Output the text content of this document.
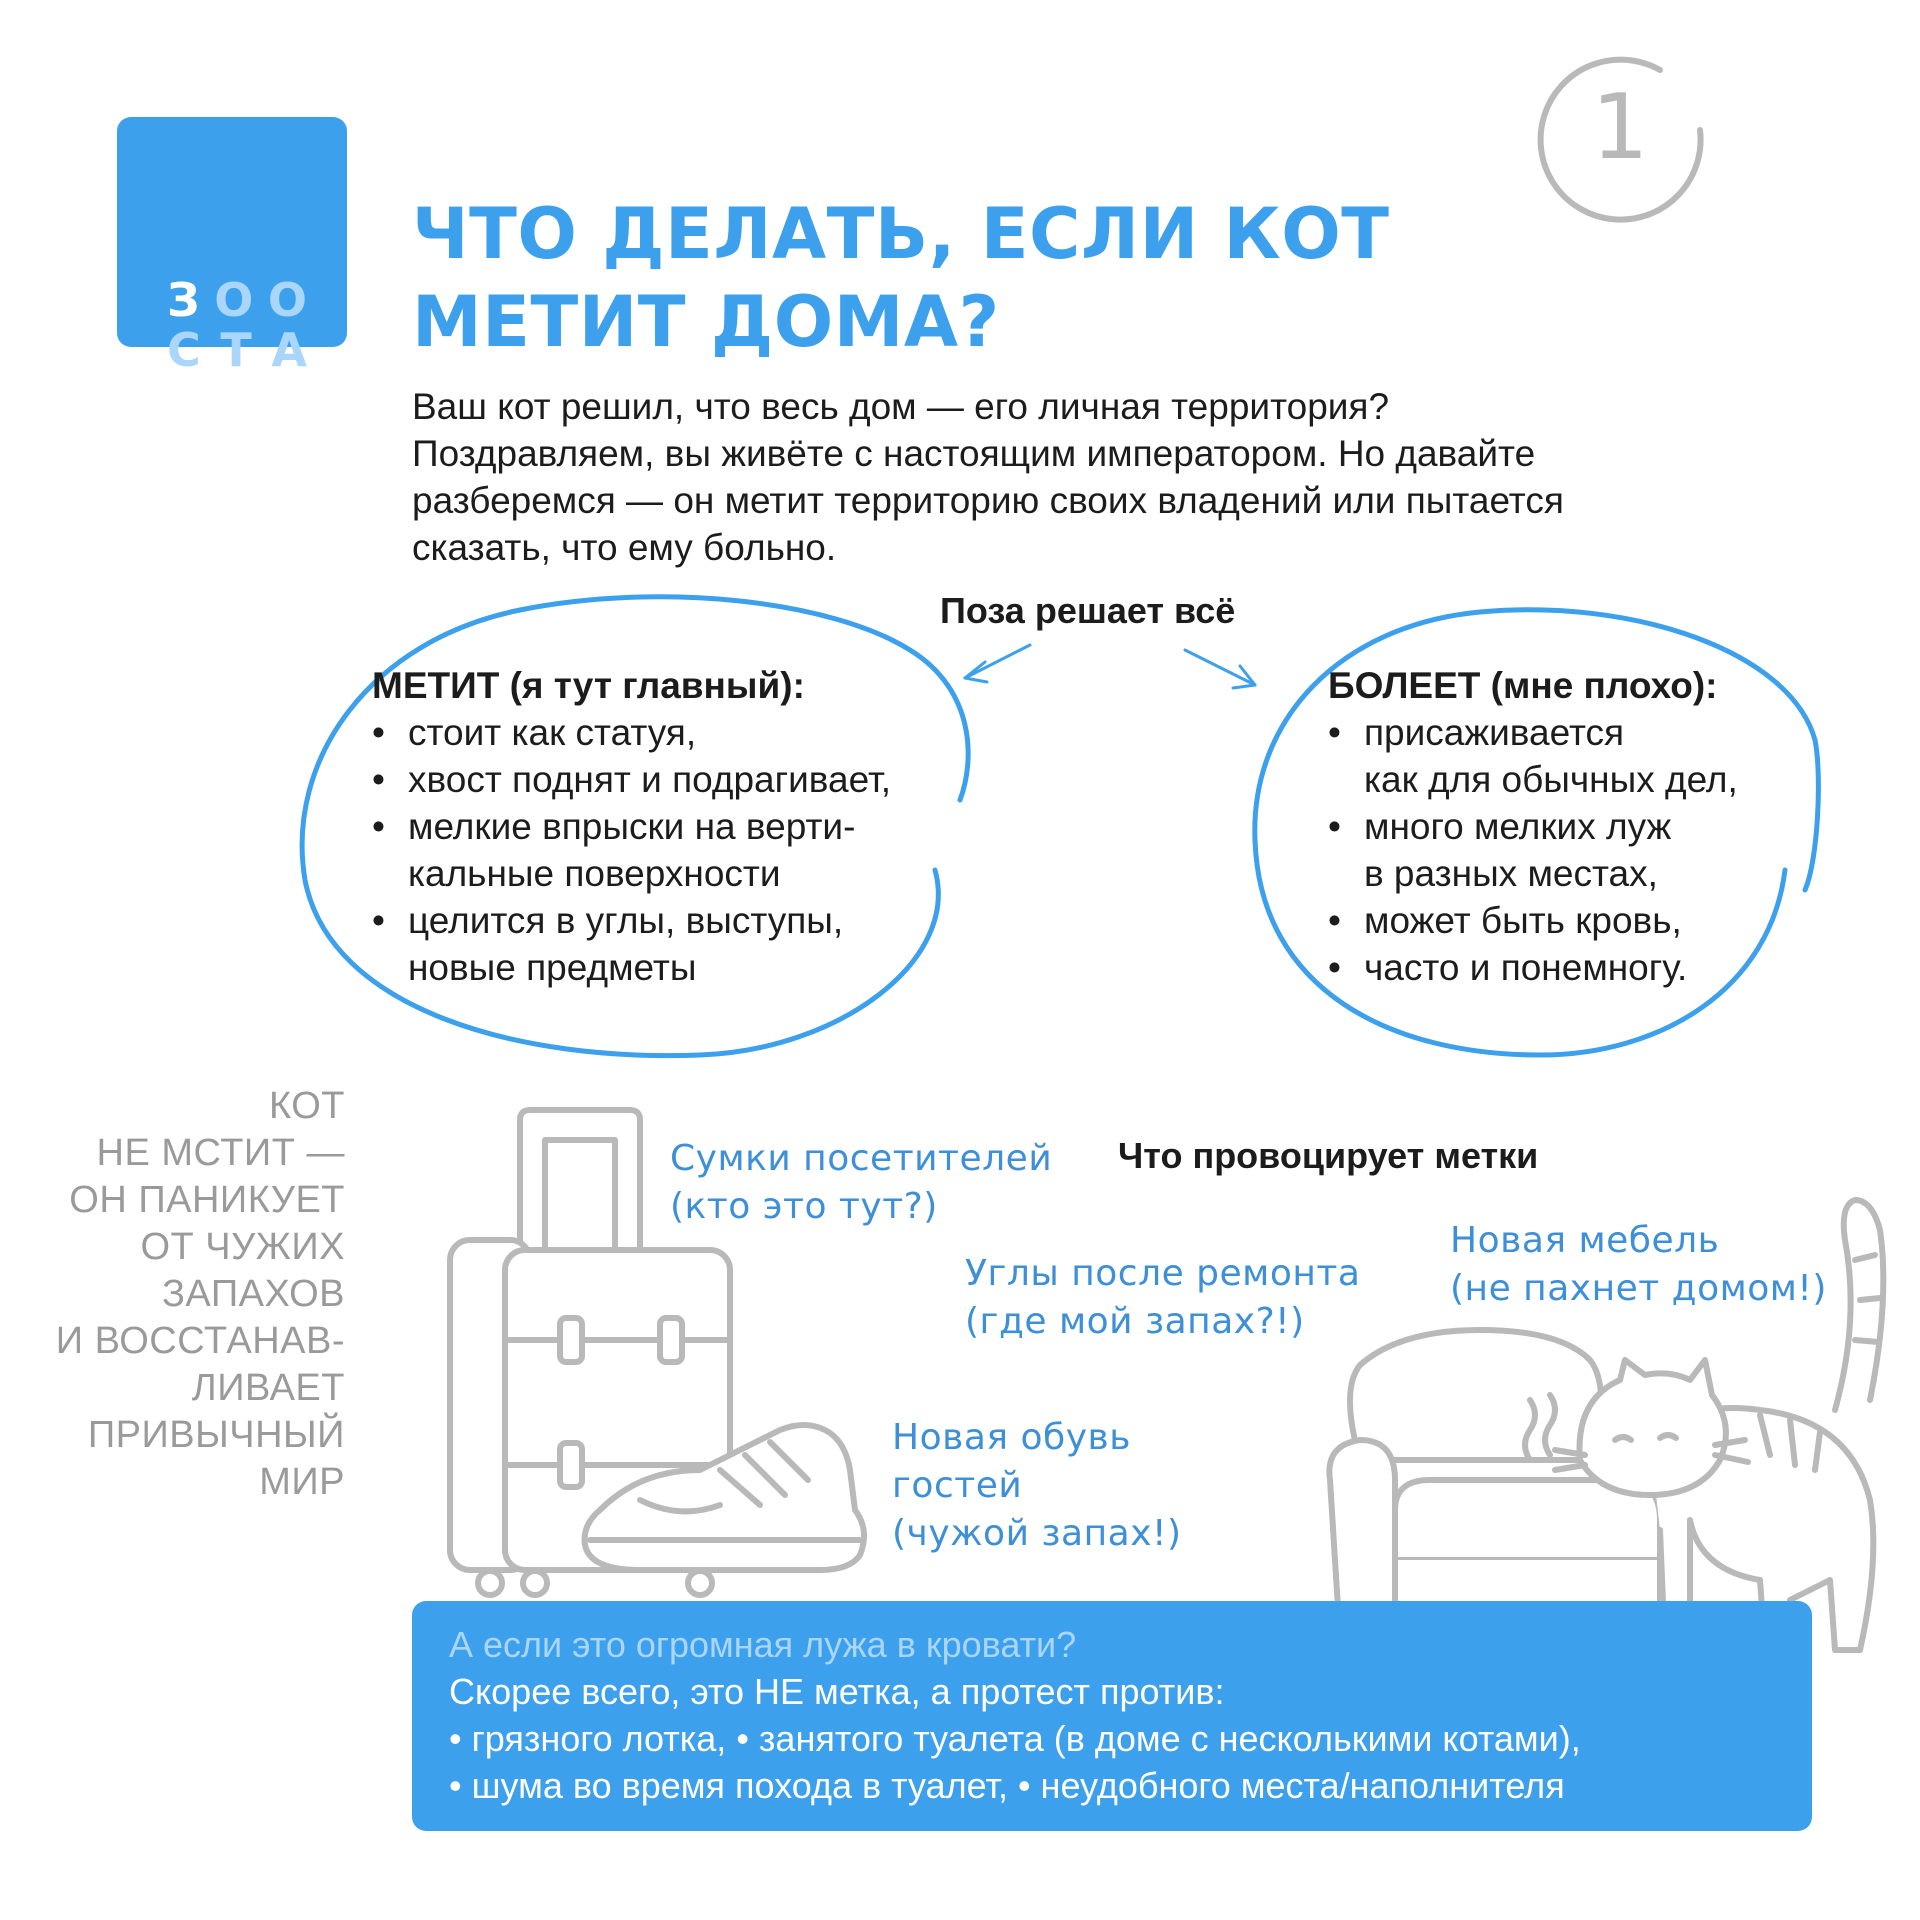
З О О
С Т А
Т У С
1
ЧТО ДЕЛАТЬ, ЕСЛИ КОТ
МЕТИТ ДОМА?
Ваш кот решил, что весь дом — его личная территория?
Поздравляем, вы живёте с настоящим императором. Но давайте
разберемся — он метит территорию своих владений или пытается
сказать, что ему больно.
Поза решает всё
МЕТИТ (я тут главный):
• стоит как статуя,
• хвост поднят и подрагивает,
• мелкие впрыски на верти-
кальные поверхности
• целится в углы, выступы,
новые предметы
БОЛЕЕТ (мне плохо):
• присаживается
как для обычных дел,
• много мелких луж
в разных местах,
• может быть кровь,
• часто и понемногу.
КОТ
НЕ МСТИТ —
ОН ПАНИКУЕТ
ОТ ЧУЖИХ
ЗАПАХОВ
И ВОССТАНАВ-
ЛИВАЕТ
ПРИВЫЧНЫЙ
МИР
Что провоцирует метки
Сумки посетителей
(кто это тут?)
Углы после ремонта
(где мой запах?!)
Новая мебель
(не пахнет домом!)
Новая обувь
гостей
(чужой запах!)
А если это огромная лужа в кровати?
Скорее всего, это НЕ метка, а протест против:
• грязного лотка, • занятого туалета (в доме с несколькими котами),
• шума во время похода в туалет, • неудобного места/наполнителя
